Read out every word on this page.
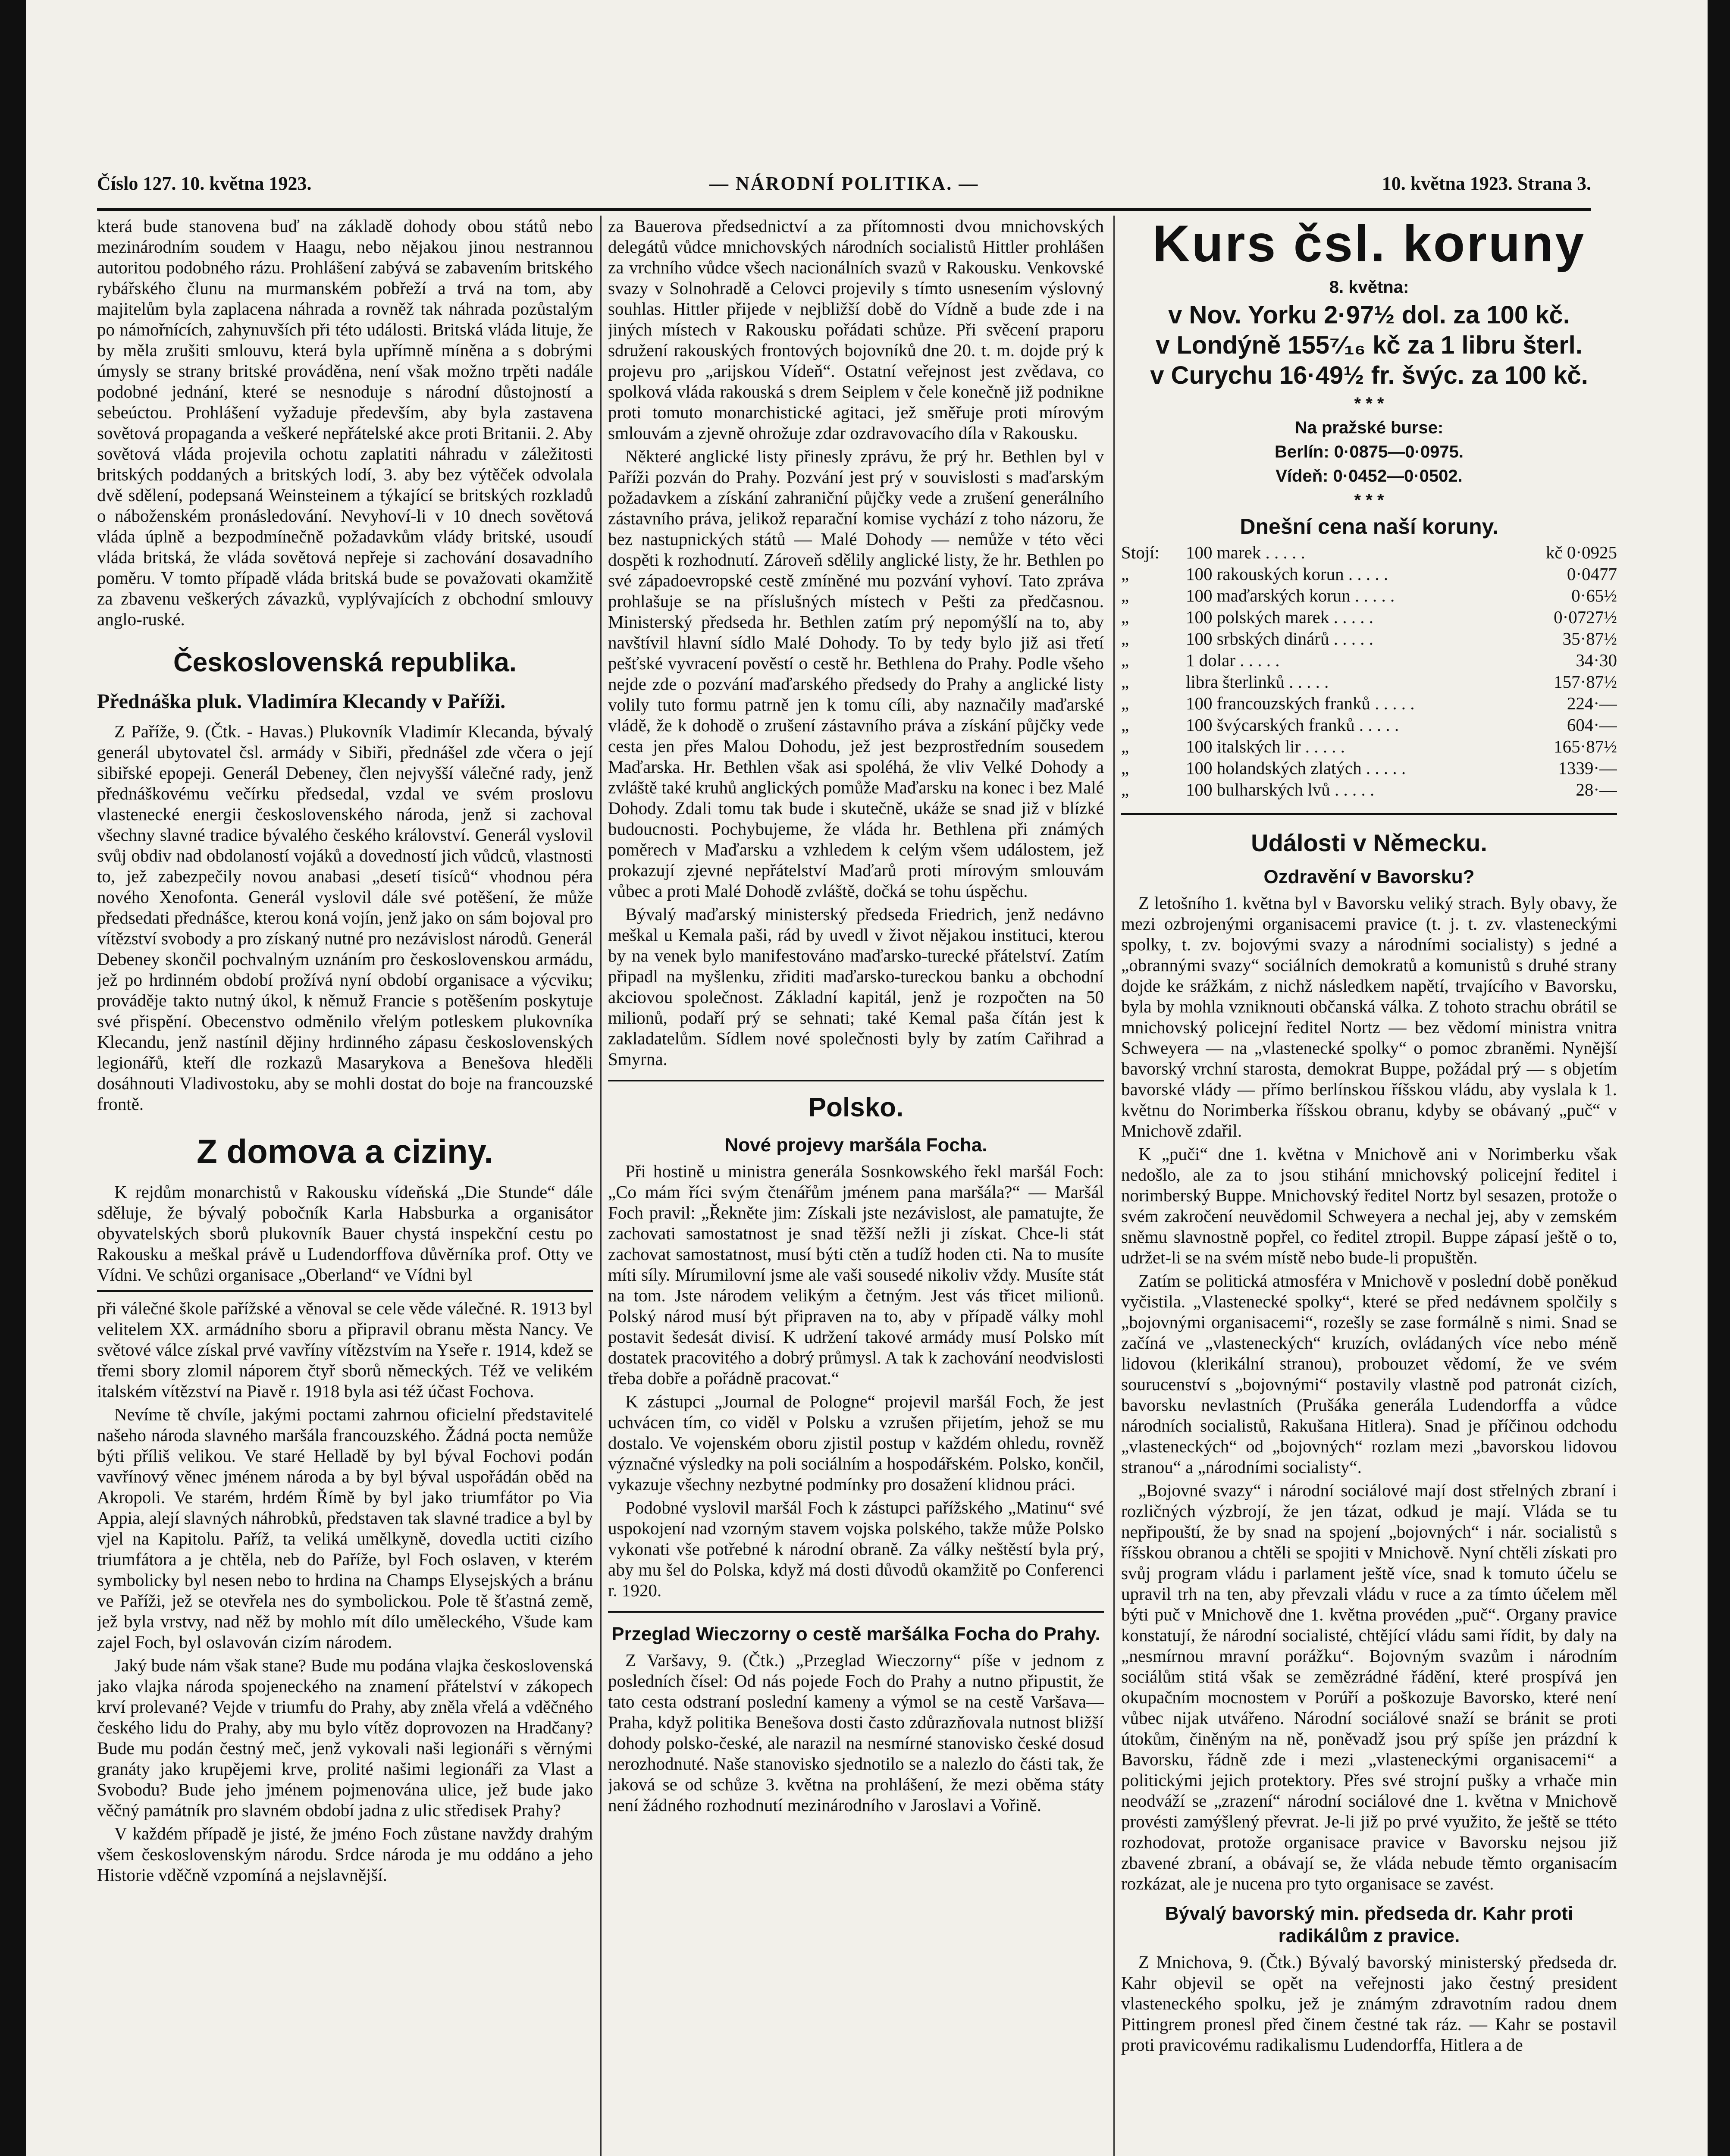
Číslo 127. 10. května 1923.	— NÁRODNÍ POLITIKA. —	10. května 1923. Strana 3.

která bude stanovena buď na základě dohody obou států nebo mezinárodním soudem v Haagu, nebo nějakou jinou nestrannou autoritou podobného rázu. Prohlášení zabývá se zabavením britského rybářského člunu na murmanském pobřeží a trvá na tom, aby majitelům byla zaplacena náhrada a rovněž tak náhrada pozůstalým po námořnících, zahynuvších při této události. Britská vláda lituje, že by měla zrušiti smlouvu, která byla upřímně míněna a s dobrými úmysly se strany britské prováděna, není však možno trpěti nadále podobné jednání, které se nesnoduje s národní důstojností a sebeúctou. Prohlášení vyžaduje především, aby byla zastavena sovětová propaganda a veškeré nepřátelské akce proti Britanii. 2. Aby sovětová vláda projevila ochotu zaplatiti náhradu v záležitosti britských poddaných a britských lodí, 3. aby bez výtěček odvolala dvě sdělení, podepsaná Weinsteinem a týkající se britských rozkladů o náboženském pronásledování. Nevyhoví-li v 10 dnech sovětová vláda úplně a bezpodmínečně požadavkům vlády britské, usoudí vláda britská, že vláda sovětová nepřeje si zachování dosavadního poměru. V tomto případě vláda britská bude se považovati okamžitě za zbavenu veškerých závazků, vyplývajících z obchodní smlouvy anglo-ruské.

Československá republika.
Přednáška pluk. Vladimíra Klecandy v Paříži.

Z Paříže, 9. (Čtk. - Havas.) Plukovník Vladimír Klecanda, bývalý generál ubytovatel čsl. armády v Sibiři, přednášel zde včera o její sibiřské epopeji. Generál Debeney, člen nejvyšší válečné rady, jenž přednáškovému večírku předsedal, vzdal ve svém proslovu vlastenecké energii československého národa, jenž si zachoval všechny slavné tradice bývalého českého království. Generál vyslovil svůj obdiv nad obdolaností vojáků a dovedností jich vůdců, vlastnosti to, jež zabezpečily novou anabasi „desetí tisíců“ vhodnou péra nového Xenofonta. Generál vyslovil dále své potěšení, že může předsedati přednášce, kterou koná vojín, jenž jako on sám bojoval pro vítězství svobody a pro získaný nutné pro nezávislost národů. Generál Debeney skončil pochvalným uznáním pro československou armádu, jež po hrdinném období prožívá nyní období organisace a výcviku; prováděje takto nutný úkol, k němuž Francie s potěšením poskytuje své přispění. Obecenstvo odměnilo vřelým potleskem plukovníka Klecandu, jenž nastínil dějiny hrdinného zápasu československých legionářů, kteří dle rozkazů Masarykova a Benešova hleděli dosáhnouti Vladivostoku, aby se mohli dostat do boje na francouzské frontě.

Z domova a ciziny.

K rejdům monarchistů v Rakousku vídeňská „Die Stunde“ dále sděluje, že bývalý pobočník Karla Habsburka a organisátor obyvatelských sborů plukovník Bauer chystá inspekční cestu po Rakousku a meškal právě u Ludendorffova důvěrníka prof. Otty ve Vídni. Ve schůzi organisace „Oberland“ ve Vídni byl

při válečné škole pařížské a věnoval se cele věde válečné. R. 1913 byl velitelem XX. armádního sboru a připravil obranu města Nancy. Ve světové válce získal prvé vavříny vítězstvím na Yseře r. 1914, kdež se třemi sbory zlomil náporem čtyř sborů německých. Též ve velikém italském vítězství na Piavě r. 1918 byla asi též účast Fochova.

Nevíme tě chvíle, jakými poctami zahrnou oficielní představitelé našeho národa slavného maršála francouzského. Žádná pocta nemůže býti příliš velikou. Ve staré Helladě by byl býval Fochovi podán vavřínový věnec jménem národa a by byl býval uspořádán oběd na Akropoli. Ve starém, hrdém Římě by byl jako triumfátor po Via Appia, alejí slavných náhrobků, představen tak slavné tradice a byl by vjel na Kapitolu. Paříž, ta veliká umělkyně, dovedla uctiti cizího triumfátora a je chtěla, neb do Paříže, byl Foch oslaven, v kterém symbolicky byl nesen nebo to hrdina na Champs Elysejských a bránu ve Paříži, jež se otevřela nes do symbolickou. Pole tě šťastná země, jež byla vrstvy, nad něž by mohlo mít dílo uměleckého, Všude kam zajel Foch, byl oslavován cizím národem.

Jaký bude nám však stane? Bude mu podána vlajka československá jako vlajka národa spojeneckého na znamení přátelství v zákopech krví prolevané? Vejde v triumfu do Prahy, aby zněla vřelá a vděčného českého lidu do Prahy, aby mu bylo vítěz doprovozen na Hradčany? Bude mu podán čestný meč, jenž vykovali naši legionáři s věrnými granáty jako krupějemi krve, prolité našimi legionáři za Vlast a Svobodu? Bude jeho jménem pojmenována ulice, jež bude jako věčný památník pro slavném období jadna z ulic středisek Prahy?

V každém případě je jisté, že jméno Foch zůstane navždy drahým všem československým národu. Srdce národa je mu oddáno a jeho Historie vděčně vzpomíná a nejslavnější.

za Bauerova předsednictví a za přítomnosti dvou mnichovských delegátů vůdce mnichovských národních socialistů Hittler prohlášen za vrchního vůdce všech nacionálních svazů v Rakousku. Venkovské svazy v Solnohradě a Celovci projevily s tímto usnesením výslovný souhlas. Hittler přijede v nejbližší době do Vídně a bude zde i na jiných místech v Rakousku pořádati schůze. Při svěcení praporu sdružení rakouských frontových bojovníků dne 20. t. m. dojde prý k projevu pro „arijskou Vídeň“. Ostatní veřejnost jest zvědava, co spolková vláda rakouská s drem Seiplem v čele konečně již podnikne proti tomuto monarchistické agitaci, jež směřuje proti mírovým smlouvám a zjevně ohrožuje zdar ozdravovacího díla v Rakousku.

Některé anglické listy přinesly zprávu, že prý hr. Bethlen byl v Paříži pozván do Prahy. Pozvání jest prý v souvislosti s maďarským požadavkem a získání zahraniční půjčky vede a zrušení generálního zástavního práva, jelikož reparační komise vychází z toho názoru, že bez nastupnických států — Malé Dohody — nemůže v této věci dospěti k rozhodnutí. Zároveň sdělily anglické listy, že hr. Bethlen po své západoevropské cestě zmíněné mu pozvání vyhoví. Tato zpráva prohlašuje se na příslušných místech v Pešti za předčasnou. Ministerský předseda hr. Bethlen zatím prý nepomýšlí na to, aby navštívil hlavní sídlo Malé Dohody. To by tedy bylo již asi třetí pešťské vyvracení pověstí o cestě hr. Bethlena do Prahy. Podle všeho nejde zde o pozvání maďarského předsedy do Prahy a anglické listy volily tuto formu patrně jen k tomu cíli, aby naznačily maďarské vládě, že k dohodě o zrušení zástavního práva a získání půjčky vede cesta jen přes Malou Dohodu, jež jest bezprostředním sousedem Maďarska. Hr. Bethlen však asi spoléhá, že vliv Velké Dohody a zvláště také kruhů anglických pomůže Maďarsku na konec i bez Malé Dohody. Zdali tomu tak bude i skutečně, ukáže se snad již v blízké budoucnosti. Pochybujeme, že vláda hr. Bethlena při známých poměrech v Maďarsku a vzhledem k celým všem událostem, jež prokazují zjevné nepřátelství Maďarů proti mírovým smlouvám vůbec a proti Malé Dohodě zvláště, dočká se tohu úspěchu.

Bývalý maďarský ministerský předseda Friedrich, jenž nedávno meškal u Kemala paši, rád by uvedl v život nějakou instituci, kterou by na venek bylo manifestováno maďarsko-turecké přátelství. Zatím připadl na myšlenku, zřiditi maďarsko-tureckou banku a obchodní akciovou společnost. Základní kapitál, jenž je rozpočten na 50 milionů, podaří prý se sehnati; také Kemal paša čítán jest k zakladatelům. Sídlem nové společnosti byly by zatím Cařihrad a Smyrna.

Polsko.
Nové projevy maršála Focha.

Při hostině u ministra generála Sosnkowského řekl maršál Foch: „Co mám říci svým čtenářům jménem pana maršála?“ — Maršál Foch pravil: „Řekněte jim: Získali jste nezávislost, ale pamatujte, že zachovati samostatnost je snad těžší nežli ji získat. Chce-li stát zachovat samostatnost, musí býti ctěn a tudíž hoden cti. Na to musíte míti síly. Mírumilovní jsme ale vaši sousedé nikoliv vždy. Musíte stát na tom. Jste národem velikým a četným. Jest vás třicet milionů. Polský národ musí být připraven na to, aby v případě války mohl postavit šedesát divisí. K udržení takové armády musí Polsko mít dostatek pracovitého a dobrý průmysl. A tak k zachování neodvislosti třeba dobře a pořádně pracovat.“

K zástupci „Journal de Pologne“ projevil maršál Foch, že jest uchvácen tím, co viděl v Polsku a vzrušen přijetím, jehož se mu dostalo. Ve vojenském oboru zjistil postup v každém ohledu, rovněž význačné výsledky na poli sociálním a hospodářském. Polsko, končil, vykazuje všechny nezbytné podmínky pro dosažení klidnou práci.

Podobné vyslovil maršál Foch k zástupci pařížského „Matinu“ své uspokojení nad vzorným stavem vojska polského, takže může Polsko vykonati vše potřebné k národní obraně. Za války neštěstí byla prý, aby mu šel do Polska, když má dosti důvodů okamžitě po Conferenci r. 1920.

Przeglad Wieczorny o cestě maršálka Focha do Prahy.

Z Varšavy, 9. (Čtk.) „Przeglad Wieczorny“ píše v jednom z posledních čísel: Od nás pojede Foch do Prahy a nutno připustit, že tato cesta odstraní poslední kameny a výmol se na cestě Varšava—Praha, když politika Benešova dosti často zdůrazňovala nutnost bližší dohody polsko-české, ale narazil na nesmírné stanovisko české dosud nerozhodnuté. Naše stanovisko sjednotilo se a nalezlo do části tak, že jaková se od schůze 3. května na prohlášení, že mezi oběma státy není žádného rozhodnutí mezinárodního v Jaroslavi a Vořině.

Kurs čsl. koruny
8. května:
v Nov. Yorku 2·97½ dol. za 100 kč.
v Londýně 155⁷⁄₁₆ kč za 1 libru šterl.
v Curychu 16·49½ fr. švýc. za 100 kč.
* * *
Na pražské burse:
Berlín: 0·0875—0·0975.
Vídeň: 0·0452—0·0502.
* * *
Dnešní cena naší koruny.
Stojí:	100 marek . . . . .	kč 0·0925
„	100 rakouských korun . . . . .	0·0477
„	100 maďarských korun . . . . .	0·65½
„	100 polských marek . . . . .	0·0727½
„	100 srbských dinárů . . . . .	35·87½
„	1 dolar . . . . .	34·30
„	libra šterlinků . . . . .	157·87½
„	100 francouzských franků . . . . .	224·—
„	100 švýcarských franků . . . . .	604·—
„	100 italských lir . . . . .	165·87½
„	100 holandských zlatých . . . . .	1339·—
„	100 bulharských lvů . . . . .	28·—
Události v Německu.
Ozdravění v Bavorsku?

Z letošního 1. května byl v Bavorsku veliký strach. Byly obavy, že mezi ozbrojenými organisacemi pravice (t. j. t. zv. vlasteneckými spolky, t. zv. bojovými svazy a národními socialisty) s jedné a „obrannými svazy“ sociálních demokratů a komunistů s druhé strany dojde ke srážkám, z nichž následkem napětí, trvajícího v Bavorsku, byla by mohla vzniknouti občanská válka. Z tohoto strachu obrátil se mnichovský policejní ředitel Nortz — bez vědomí ministra vnitra Schweyera — na „vlastenecké spolky“ o pomoc zbraněmi. Nynější bavorský vrchní starosta, demokrat Buppe, požádal prý — s objetím bavorské vlády — přímo berlínskou říšskou vládu, aby vyslala k 1. květnu do Norimberka říšskou obranu, kdyby se obávaný „puč“ v Mnichově zdařil.

K „puči“ dne 1. května v Mnichově ani v Norimberku však nedošlo, ale za to jsou stihání mnichovský policejní ředitel i norimberský Buppe. Mnichovský ředitel Nortz byl sesazen, protože o svém zakročení neuvědomil Schweyera a nechal jej, aby v zemském sněmu slavnostně popřel, co ředitel ztropil. Buppe zápasí ještě o to, udržet-li se na svém místě nebo bude-li propuštěn.

Zatím se politická atmosféra v Mnichově v poslední době poněkud vyčistila. „Vlastenecké spolky“, které se před nedávnem spolčily s „bojovnými organisacemi“, rozešly se zase formálně s nimi. Snad se začíná ve „vlasteneckých“ kruzích, ovládaných více nebo méně lidovou (klerikální stranou), probouzet vědomí, že ve svém sourucenství s „bojovnými“ postavily vlastně pod patronát cizích, bavorsku nevlastních (Prušáka generála Ludendorffa a vůdce národních socialistů, Rakušana Hitlera). Snad je příčinou odchodu „vlasteneckých“ od „bojovných“ rozlam mezi „bavorskou lidovou stranou“ a „národními socialisty“.

„Bojovné svazy“ i národní sociálové mají dost střelných zbraní i rozličných výzbrojí, že jen tázat, odkud je mají. Vláda se tu nepřipouští, že by snad na spojení „bojovných“ i nár. socialistů s říšskou obranou a chtěli se spojiti v Mnichově. Nyní chtěli získati pro svůj program vládu i parlament ještě více, snad k tomuto účelu se upravil trh na ten, aby převzali vládu v ruce a za tímto účelem měl býti puč v Mnichově dne 1. května provéden „puč“. Organy pravice konstatují, že národní socialisté, chtějící vládu sami řídit, by daly na „nesmírnou mravní porážku“. Bojovným svazům i národním sociálům stitá však se zemězrádné řádění, které prospívá jen okupačním mocnostem v Porúří a poškozuje Bavorsko, které není vůbec nijak utvářeno. Národní sociálové snaží se bránit se proti útokům, činěným na ně, poněvadž jsou prý spíše jen prázdní k Bavorsku, řádně zde i mezi „vlasteneckými organisacemi“ a politickými jejich protektory. Přes své strojní pušky a vrhače min neodváží se „zrazení“ národní sociálové dne 1. května v Mnichově provésti zamýšlený převrat. Je-li již po prvé využito, že ještě se ttéto rozhodovat, protože organisace pravice v Bavorsku nejsou již zbavené zbraní, a obávají se, že vláda nebude těmto organisacím rozkázat, ale je nucena pro tyto organisace se zavést.

Bývalý bavorský min. předseda dr. Kahr proti radikálům z pravice.

Z Mnichova, 9. (Čtk.) Bývalý bavorský ministerský předseda dr. Kahr objevil se opět na veřejnosti jako čestný president vlasteneckého spolku, jež je známým zdravotním radou dnem Pittingrem pronesl před činem čestné tak ráz. — Kahr se postavil proti pravicovému radikalismu Ludendorffa, Hitlera a de
